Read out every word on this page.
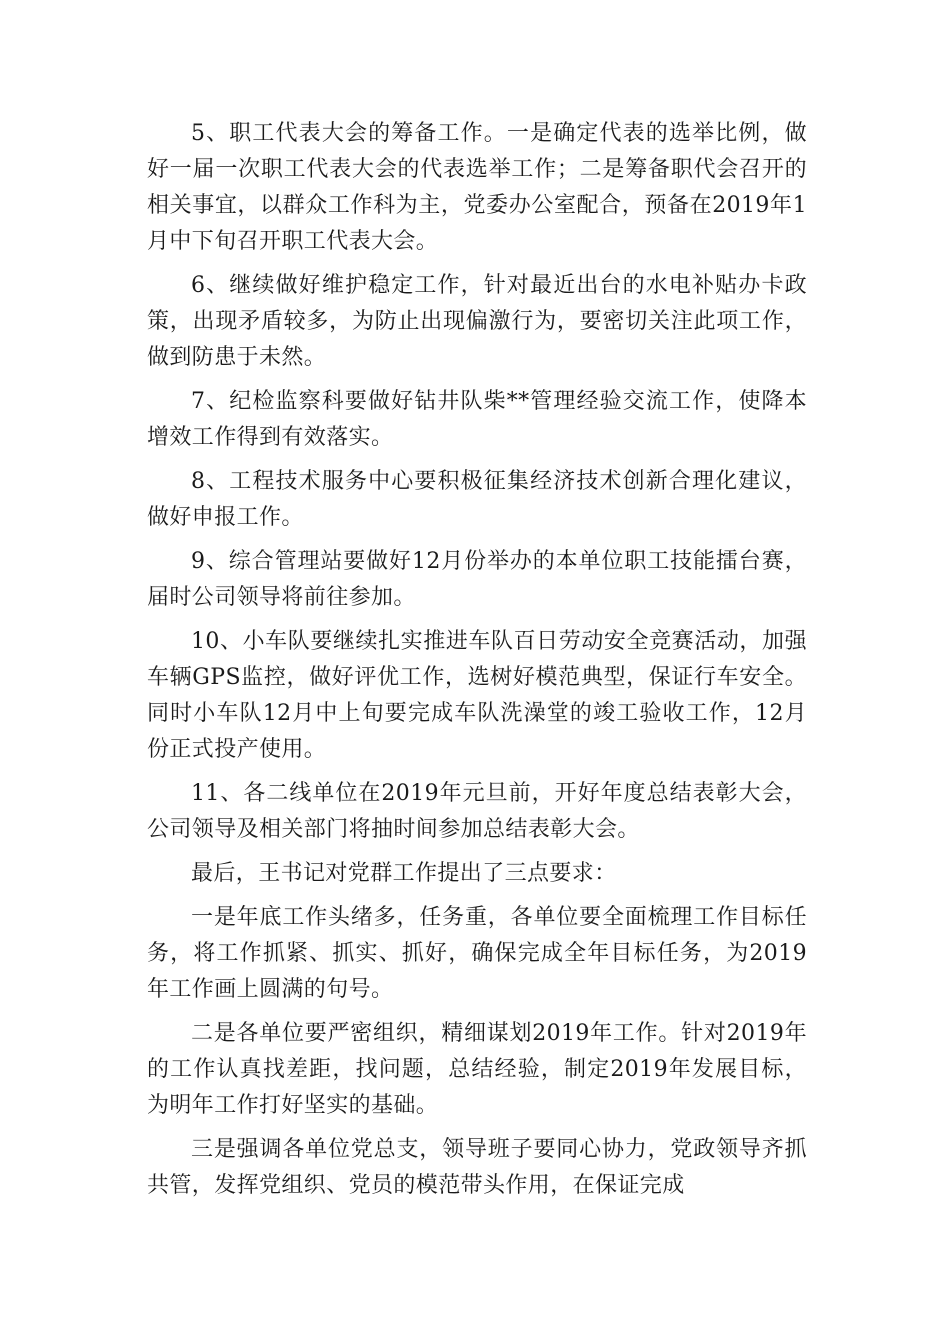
5、职工代表大会的筹备工作。一是确定代表的选举比例，做好一届一次职工代表大会的代表选举工作；二是筹备职代会召开的相关事宜，以群众工作科为主，党委办公室配合，预备在2019年1月中下旬召开职工代表大会。

6、继续做好维护稳定工作，针对最近出台的水电补贴办卡政策，出现矛盾较多，为防止出现偏激行为，要密切关注此项工作，做到防患于未然。

7、纪检监察科要做好钻井队柴**管理经验交流工作，使降本增效工作得到有效落实。

8、工程技术服务中心要积极征集经济技术创新合理化建议，做好申报工作。

9、综合管理站要做好12月份举办的本单位职工技能擂台赛，届时公司领导将前往参加。

10、小车队要继续扎实推进车队百日劳动安全竞赛活动，加强车辆GPS监控，做好评优工作，选树好模范典型，保证行车安全。同时小车队12月中上旬要完成车队洗澡堂的竣工验收工作，12月份正式投产使用。

11、各二线单位在2019年元旦前，开好年度总结表彰大会，公司领导及相关部门将抽时间参加总结表彰大会。

最后，王书记对党群工作提出了三点要求：

一是年底工作头绪多，任务重，各单位要全面梳理工作目标任务，将工作抓紧、抓实、抓好，确保完成全年目标任务，为2019年工作画上圆满的句号。

二是各单位要严密组织，精细谋划2019年工作。针对2019年的工作认真找差距，找问题，总结经验，制定2019年发展目标，为明年工作打好坚实的基础。

三是强调各单位党总支，领导班子要同心协力，党政领导齐抓共管，发挥党组织、党员的模范带头作用，在保证完成
